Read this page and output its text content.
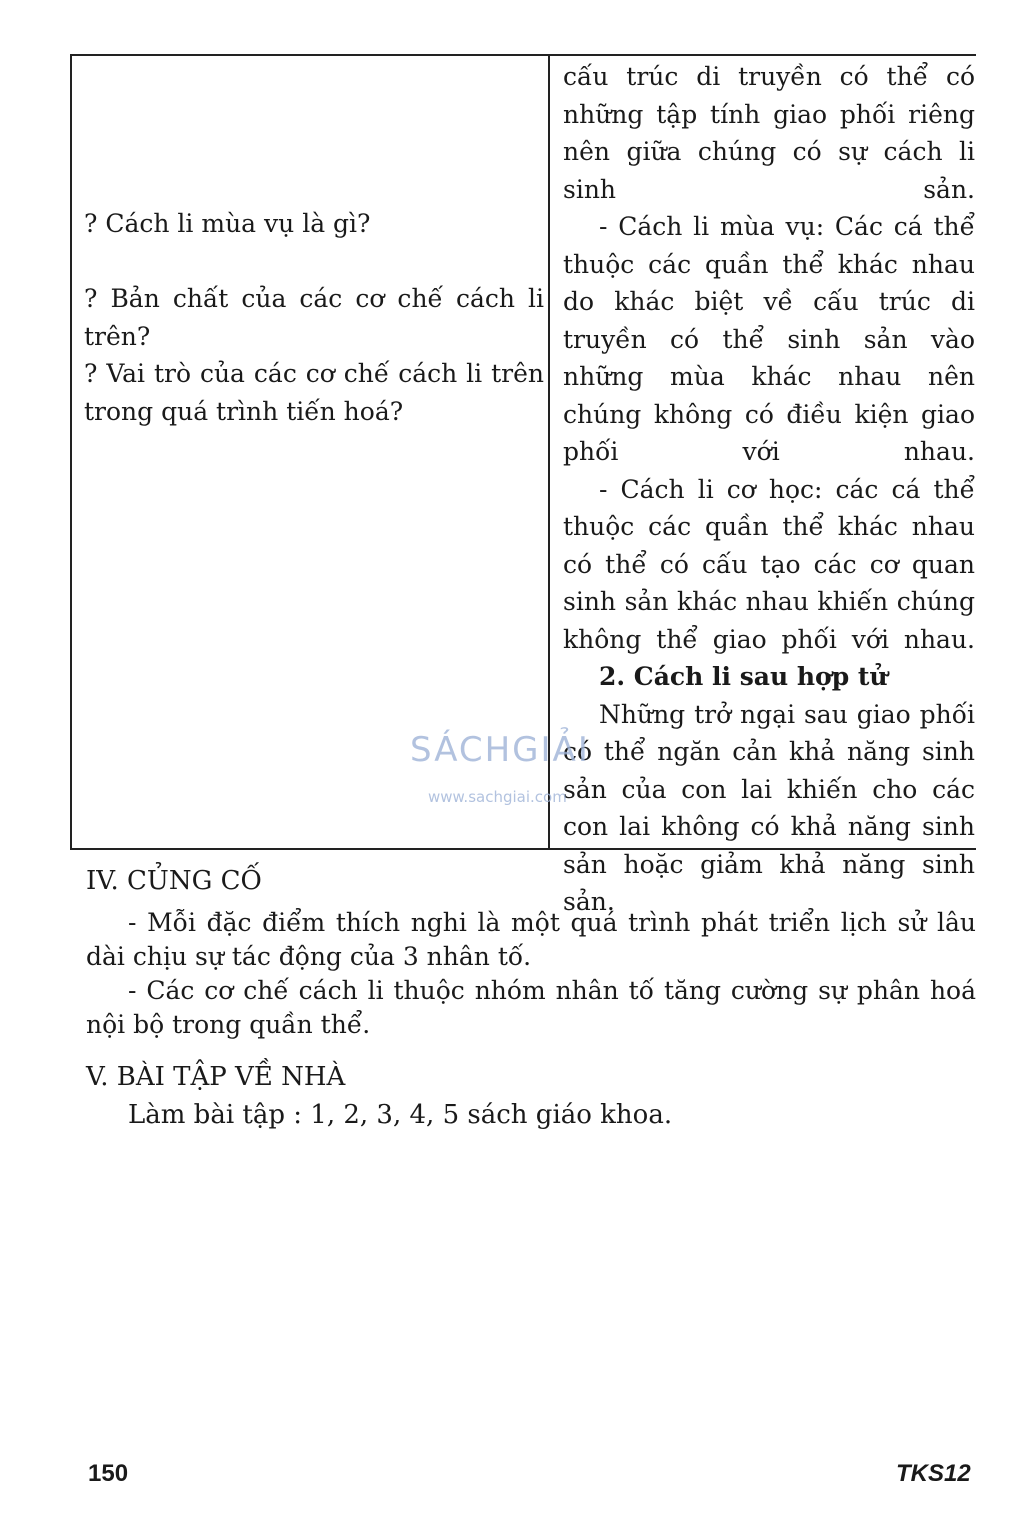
? Cách li mùa vụ là gì?
? Bản chất của các cơ chế cách li trên?
? Vai trò của các cơ chế cách li trên trong quá trình tiến hoá?

cấu trúc di truyền có thể có những tập tính giao phối riêng nên giữa chúng có sự cách li sinh sản.

- Cách li mùa vụ: Các cá thể thuộc các quần thể khác nhau do khác biệt về cấu trúc di truyền có thể sinh sản vào những mùa khác nhau nên chúng không có điều kiện giao phối với nhau.

- Cách li cơ học: các cá thể thuộc các quần thể khác nhau có thể có cấu tạo các cơ quan sinh sản khác nhau khiến chúng không thể giao phối với nhau.

2. Cách li sau hợp tử

Những trở ngại sau giao phối có thể ngăn cản khả năng sinh sản của con lai khiến cho các con lai không có khả năng sinh sản hoặc giảm khả năng sinh sản.

SÁCHGIẢI
www.sachgiai.com
IV. CỦNG CỐ

- Mỗi đặc điểm thích nghi là một quá trình phát triển lịch sử lâu dài chịu sự tác động của 3 nhân tố.

- Các cơ chế cách li thuộc nhóm nhân tố tăng cường sự phân hoá nội bộ trong quần thể.

V. BÀI TẬP VỀ NHÀ
Làm bài tập : 1, 2, 3, 4, 5 sách giáo khoa.
150	TKS12
